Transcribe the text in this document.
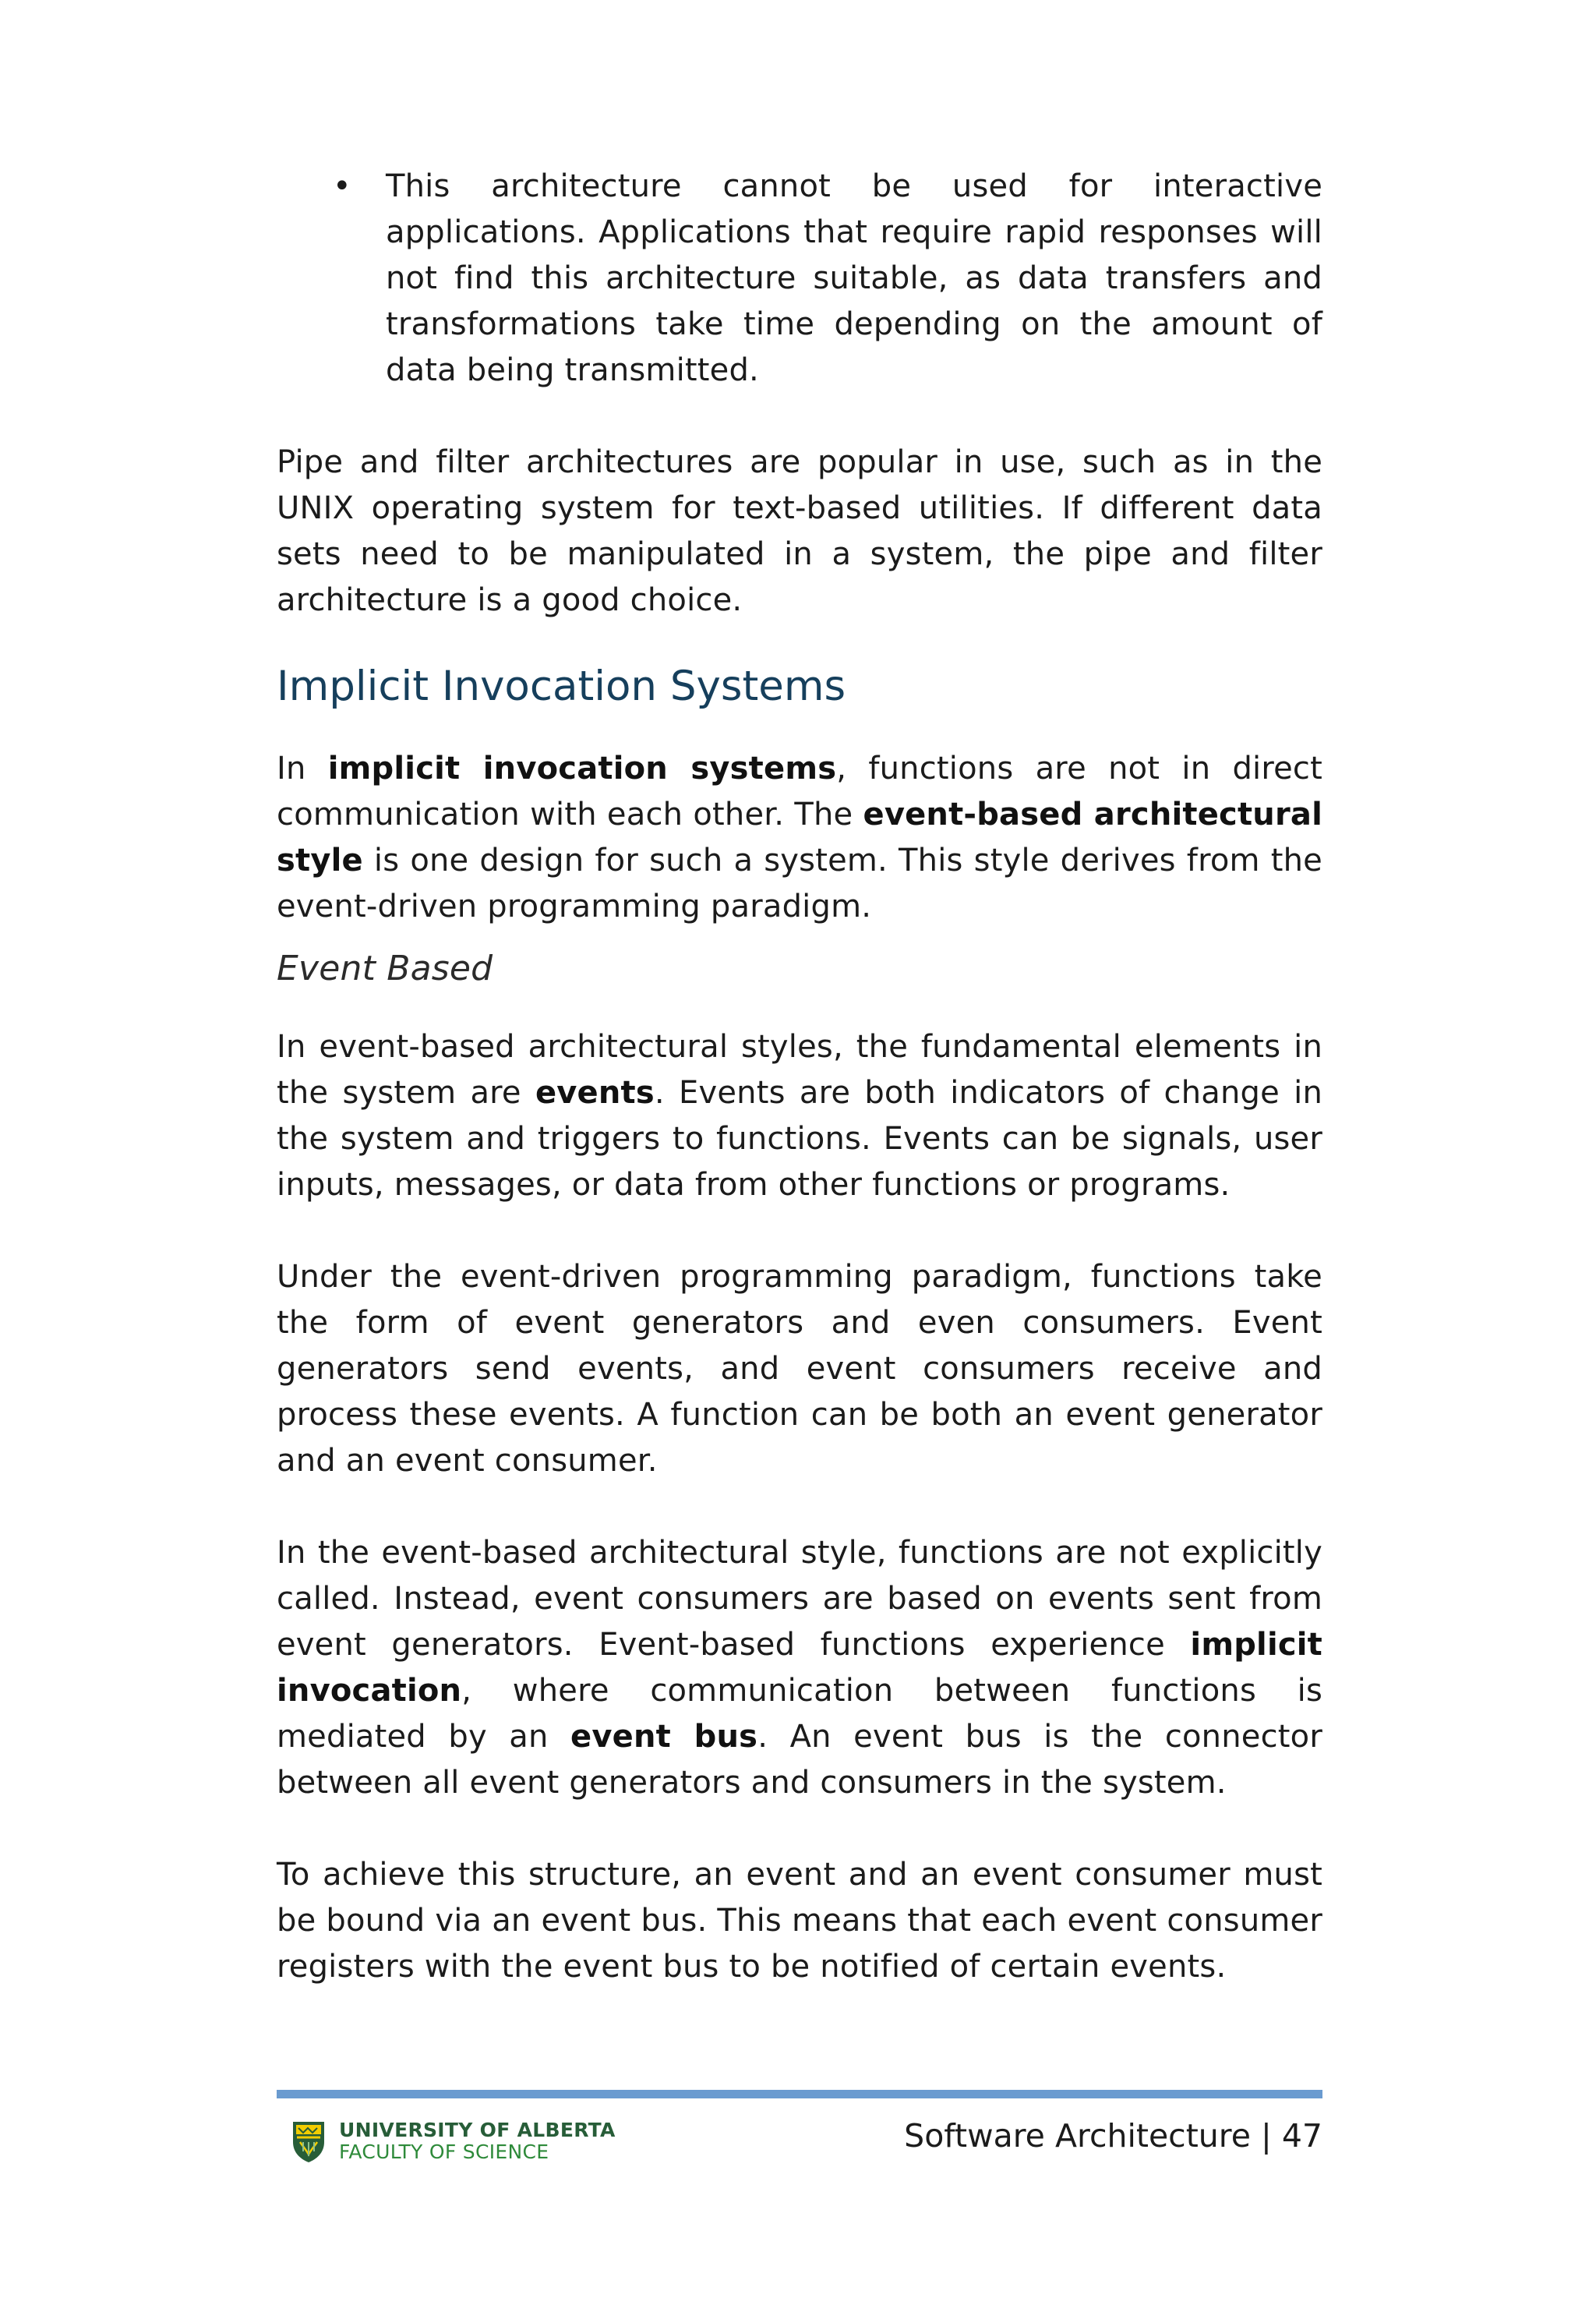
• This architecture cannot be used for interactive applications. Applications that require rapid responses will not find this architecture suitable, as data transfers and transformations take time depending on the amount of data being transmitted.

Pipe and filter architectures are popular in use, such as in the UNIX operating system for text-based utilities. If different data sets need to be manipulated in a system, the pipe and filter architecture is a good choice.

Implicit Invocation Systems

In implicit invocation systems, functions are not in direct communication with each other. The event-based architectural style is one design for such a system. This style derives from the event-driven programming paradigm.

Event Based

In event-based architectural styles, the fundamental elements in the system are events. Events are both indicators of change in the system and triggers to functions. Events can be signals, user inputs, messages, or data from other functions or programs.

Under the event-driven programming paradigm, functions take the form of event generators and even consumers. Event generators send events, and event consumers receive and process these events. A function can be both an event generator and an event consumer.

In the event-based architectural style, functions are not explicitly called. Instead, event consumers are based on events sent from event generators. Event-based functions experience implicit invocation, where communication between functions is mediated by an event bus. An event bus is the connector between all event generators and consumers in the system.

To achieve this structure, an event and an event consumer must be bound via an event bus. This means that each event consumer registers with the event bus to be notified of certain events.

UNIVERSITY OF ALBERTA
FACULTY OF SCIENCE	Software Architecture | 47
